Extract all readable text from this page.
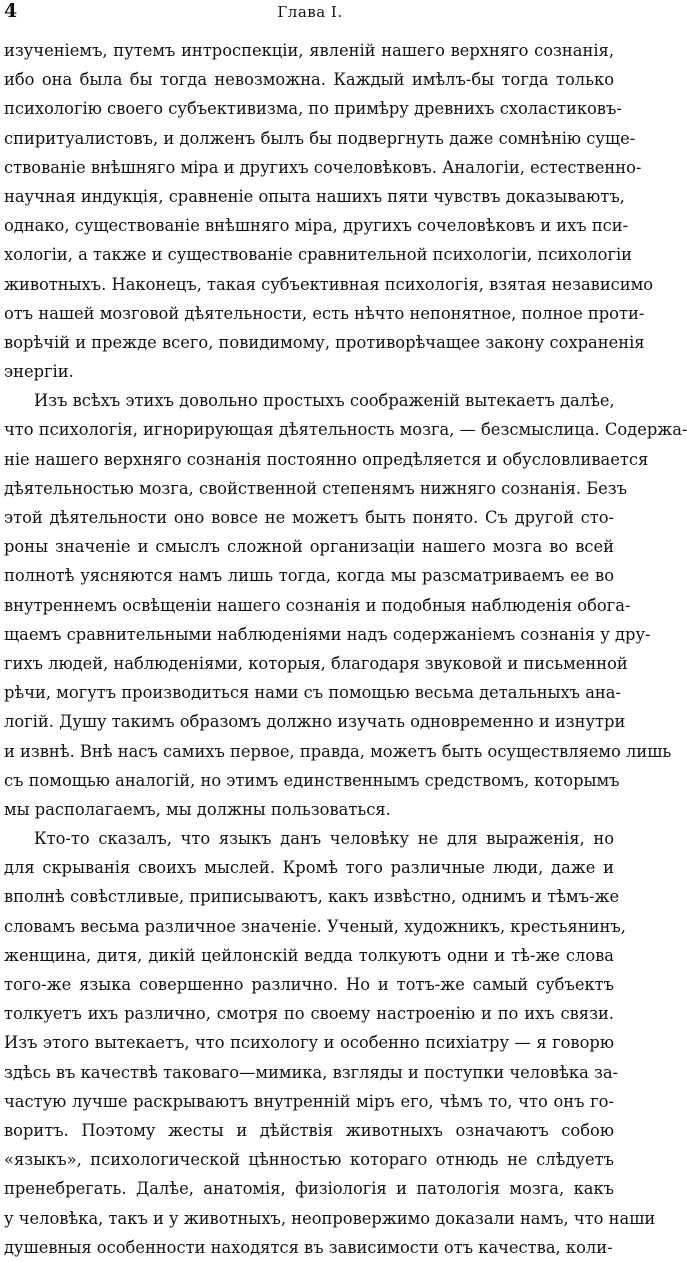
4	Глава I.
изученіемъ, путемъ интроспекціи, явленій нашего верхняго сознанія,
ибо она была бы тогда невозможна. Каждый имѣлъ-бы тогда только
психологію своего субъективизма, по примѣру древнихъ схоластиковъ-
спиритуалистовъ, и долженъ былъ бы подвергнуть даже сомнѣнію суще-
ствованіе внѣшняго міра и другихъ сочеловѣковъ. Аналогіи, естественно-
научная индукція, сравненіе опыта нашихъ пяти чувствъ доказываютъ,
однако, существованіе внѣшняго міра, другихъ сочеловѣковъ и ихъ пси-
хологіи, а также и существованіе сравнительной психологіи, психологіи
животныхъ. Наконецъ, такая субъективная психологія, взятая независимо
отъ нашей мозговой дѣятельности, есть нѣчто непонятное, полное проти-
ворѣчій и прежде всего, повидимому, противорѣчащее закону сохраненія
энергіи.
Изъ всѣхъ этихъ довольно простыхъ соображеній вытекаетъ далѣе,
что психологія, игнорирующая дѣятельность мозга, — безсмыслица. Содержа-
ніе нашего верхняго сознанія постоянно опредѣляется и обусловливается
дѣятельностью мозга, свойственной степенямъ нижняго сознанія. Безъ
этой дѣятельности оно вовсе не можетъ быть понято. Съ другой сто-
роны значеніе и смыслъ сложной организаціи нашего мозга во всей
полнотѣ уясняются намъ лишь тогда, когда мы разсматриваемъ ее во
внутреннемъ освѣщеніи нашего сознанія и подобныя наблюденія обога-
щаемъ сравнительными наблюденіями надъ содержаніемъ сознанія у дру-
гихъ людей, наблюденіями, которыя, благодаря звуковой и письменной
рѣчи, могутъ производиться нами съ помощью весьма детальныхъ ана-
логій. Душу такимъ образомъ должно изучать одновременно и изнутри
и извнѣ. Внѣ насъ самихъ первое, правда, можетъ быть осуществляемо лишь
съ помощью аналогій, но этимъ единственнымъ средствомъ, которымъ
мы располагаемъ, мы должны пользоваться.
Кто-то сказалъ, что языкъ данъ человѣку не для выраженія, но
для скрыванія своихъ мыслей. Кромѣ того различные люди, даже и
вполнѣ совѣстливые, приписываютъ, какъ извѣстно, однимъ и тѣмъ-же
словамъ весьма различное значеніе. Ученый, художникъ, крестьянинъ,
женщина, дитя, дикій цейлонскій ведда толкуютъ одни и тѣ-же слова
того-же языка совершенно различно. Но и тотъ-же самый субъектъ
толкуетъ ихъ различно, смотря по своему настроенію и по ихъ связи.
Изъ этого вытекаетъ, что психологу и особенно психіатру — я говорю
здѣсь въ качествѣ таковаго—мимика, взгляды и поступки человѣка за-
частую лучше раскрываютъ внутренній міръ его, чѣмъ то, что онъ го-
воритъ. Поэтому жесты и дѣйствія животныхъ означаютъ собою
«языкъ», психологической цѣнностью котораго отнюдь не слѣдуетъ
пренебрегать. Далѣе, анатомія, физіологія и патологія мозга, какъ
у человѣка, такъ и у животныхъ, неопровержимо доказали намъ, что наши
душевныя особенности находятся въ зависимости отъ качества, коли-
